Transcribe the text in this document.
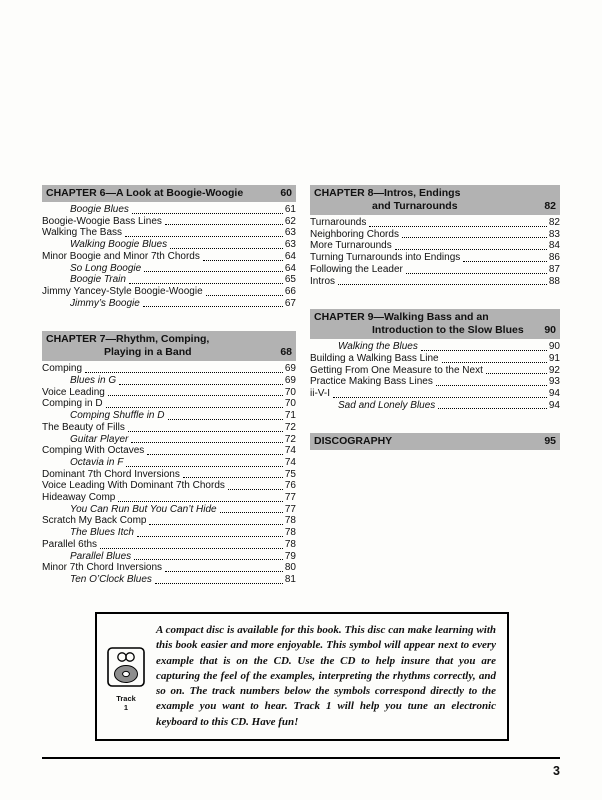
CHAPTER 6—A Look at Boogie-Woogie	60
Boogie Blues	61
Boogie-Woogie Bass Lines	62
Walking The Bass	63
Walking Boogie Blues	63
Minor Boogie and Minor 7th Chords	64
So Long Boogie	64
Boogie Train	65
Jimmy Yancey-Style Boogie-Woogie	66
Jimmy’s Boogie	67
CHAPTER 7—Rhythm, Comping,
Playing in a Band	68
Comping	69
Blues in G	69
Voice Leading	70
Comping in D	70
Comping Shuffle in D	71
The Beauty of Fills	72
Guitar Player	72
Comping With Octaves	74
Octavia in F	74
Dominant 7th Chord Inversions	75
Voice Leading With Dominant 7th Chords	76
Hideaway Comp	77
You Can Run But You Can’t Hide	77
Scratch My Back Comp	78
The Blues Itch	78
Parallel 6ths	78
Parallel Blues	79
Minor 7th Chord Inversions	80
Ten O’Clock Blues	81
CHAPTER 8—Intros, Endings
and Turnarounds	82
Turnarounds	82
Neighboring Chords	83
More Turnarounds	84
Turning Turnarounds into Endings	86
Following the Leader	87
Intros	88
CHAPTER 9—Walking Bass and an
Introduction to the Slow Blues 90
Walking the Blues	90
Building a Walking Bass Line	91
Getting From One Measure to the Next	92
Practice Making Bass Lines	93
ii-V-I	94
Sad and Lonely Blues	94
DISCOGRAPHY	95
Track
1

A compact disc is available for this book. This disc can make learning with this book easier and more enjoyable. This symbol will appear next to every example that is on the CD. Use the CD to help insure that you are capturing the feel of the examples, interpreting the rhythms correctly, and so on. The track numbers below the symbols correspond directly to the example you want to hear. Track 1 will help you tune an electronic keyboard to this CD. Have fun!

3
